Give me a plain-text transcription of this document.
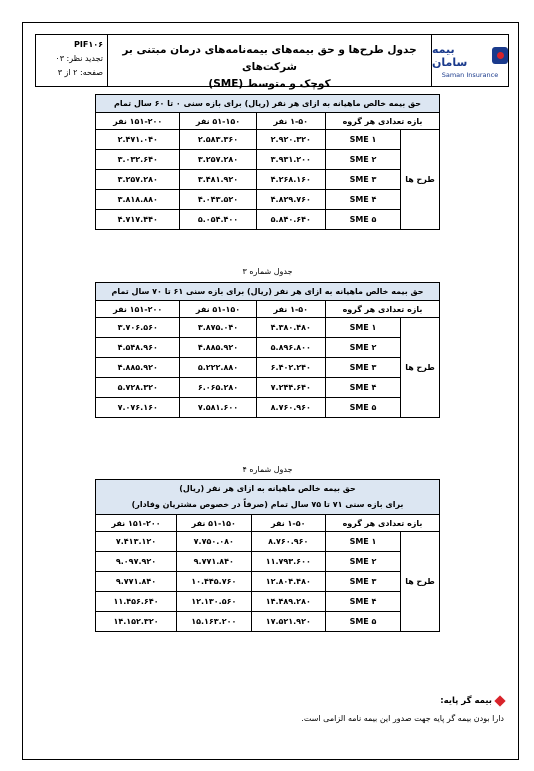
PIF۱۰۶
تجدید نظر: ۰۳
صفحه: ۲ از ۳
جدول طرح‌ها و حق بیمه‌های بیمه‌نامه‌های درمان مبتنی بر شرکت‌های
کوچک و متوسط (SME)
بیمه سامان
Saman Insurance
حق بیمه خالص ماهیانه به ازای هر نفر (ریال) برای بازه سنی ۰ تا ۶۰ سال تمام				
بازه تعدادی هر گروه		۱-۵۰ نفر	۵۱-۱۵۰ نفر	۱۵۱-۲۰۰ نفر
طرح ها	SME ۱	۲.۹۲۰.۳۲۰	۲.۵۸۳.۳۶۰	۲.۴۷۱.۰۴۰
	SME ۲	۳.۹۳۱.۲۰۰	۳.۲۵۷.۲۸۰	۳.۰۳۲.۶۴۰
	SME ۳	۴.۲۶۸.۱۶۰	۳.۴۸۱.۹۲۰	۳.۲۵۷.۲۸۰
	SME ۴	۴.۸۲۹.۷۶۰	۴.۰۴۳.۵۲۰	۳.۸۱۸.۸۸۰
	SME ۵	۵.۸۴۰.۶۴۰	۵.۰۵۴.۴۰۰	۴.۷۱۷.۴۴۰
جدول شماره ۳
حق بیمه خالص ماهیانه به ازای هر نفر (ریال) برای بازه سنی ۶۱ تا ۷۰ سال تمام				
بازه تعدادی هر گروه		۱-۵۰ نفر	۵۱-۱۵۰ نفر	۱۵۱-۲۰۰ نفر
طرح ها	SME ۱	۴.۳۸۰.۴۸۰	۳.۸۷۵.۰۴۰	۳.۷۰۶.۵۶۰
	SME ۲	۵.۸۹۶.۸۰۰	۴.۸۸۵.۹۲۰	۴.۵۴۸.۹۶۰
	SME ۳	۶.۴۰۲.۲۴۰	۵.۲۲۲.۸۸۰	۴.۸۸۵.۹۲۰
	SME ۴	۷.۲۴۴.۶۴۰	۶.۰۶۵.۲۸۰	۵.۷۲۸.۳۲۰
	SME ۵	۸.۷۶۰.۹۶۰	۷.۵۸۱.۶۰۰	۷.۰۷۶.۱۶۰
جدول شماره ۴
حق بیمه خالص ماهیانه به ازای هر نفر (ریال)
برای بازه سنی ۷۱ تا ۷۵ سال تمام (صرفاً در خصوص مشتریان وفادار)				

بازه تعدادی هر گروه		۱-۵۰ نفر	۵۱-۱۵۰ نفر	۱۵۱-۲۰۰ نفر
طرح ها	SME ۱	۸.۷۶۰.۹۶۰	۷.۷۵۰.۰۸۰	۷.۴۱۳.۱۲۰
	SME ۲	۱۱.۷۹۳.۶۰۰	۹.۷۷۱.۸۴۰	۹.۰۹۷.۹۲۰
	SME ۳	۱۲.۸۰۴.۴۸۰	۱۰.۴۴۵.۷۶۰	۹.۷۷۱.۸۴۰
	SME ۴	۱۴.۴۸۹.۲۸۰	۱۲.۱۳۰.۵۶۰	۱۱.۴۵۶.۶۴۰
	SME ۵	۱۷.۵۲۱.۹۲۰	۱۵.۱۶۳.۲۰۰	۱۴.۱۵۲.۳۲۰
بیمه گر پایه:
دارا بودن بیمه گر پایه جهت صدور این بیمه نامه الزامی است.
